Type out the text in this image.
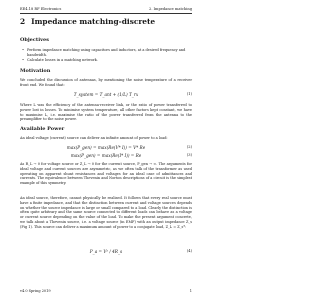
EE4.18 RF Electronics	2. Impedance matching
2 Impedance matching-discrete
Objectives
• Perform impedance matching using capacitors and inductors, at a desired frequency and bandwidth.
• Calculate losses in a matching network.
Motivation

We concluded the discussion of antennas, by mentioning the noise temperature of a receiver front end. We found that:

T_system = T_ant + (1/L) T_rx	(1)

Where L was the efficiency of the antenna-receiver link, or the ratio of power transferred to power lost in losses. To minimise system temperature, all other factors kept constant, we have to maximise L, i.e. maximise the ratio of the power transferred from the antenna to the preamplifier to the noise power.

Available Power

An ideal voltage (current) source can deliver an infinite amount of power to a load:

max(P_gen) = max(Re(V* I)) = V* Re	(2)
max(P_gen) = max(Re(I* I)) = Re	(3)

As R_L → 0 for voltage source or Z_L → 0 for the current source, P_gen → ∞. The arguments for ideal voltage and current sources are asymmetric, as we often talk of the transformer as used operating on apparent shunt resistances and voltages for an ideal case of admittances and currents. The equivalence between Thevenin and Norton descriptions of a circuit is the simplest example of this symmetry.

An ideal source, therefore, cannot physically be realised. It follows that every real source must have a finite impedance, and that the distinction between current and voltage sources depends on whether the source impedance is large or small compared to a load. Clearly the distinction is often quite arbitrary and the same source connected to different loads can behave as a voltage or current source depending on the value of the load. To make the present argument concrete, we talk about a Thevenin source, i.e. a voltage source (in EMF) with an output impedance Z_s (Fig 1). This source can deliver a maximum amount of power to a conjugate load, Z_L = Z_s*:

P_a = V² / 4R_s	(4)
v4.0 Spring 2019	1
